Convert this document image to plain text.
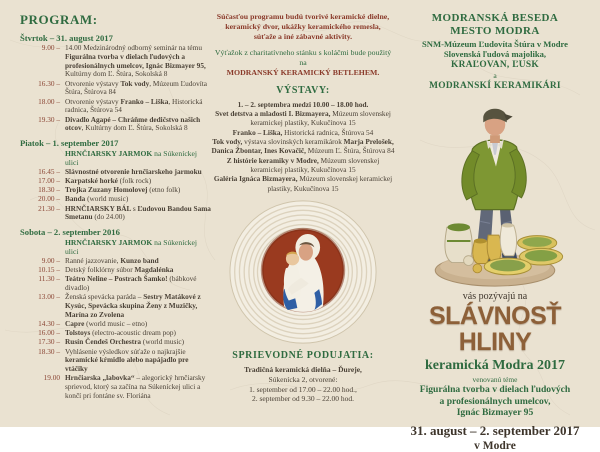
PROGRAM:
Štvrtok – 31. august 2017
9.00 – 14.00 Medzinárodný odborný seminár na tému Figurálna tvorba v dielach ľudových a profesionálnych umelcov, Ignác Bizmayer 95, Kultúrny dom Ľ. Štúra, Sokolská 8
16.30 – Otvorenie výstavy Tok vody, Múzeum Ľudovíta Štúra, Štúrova 84
18.00 – Otvorenie výstavy Franko – Liška, Historická radnica, Štúrova 54
19.30 – Divadlo Agapé – Chráňme dedičstvo našich otcov, Kultúrny dom Ľ. Štúra, Sokolská 8
Piatok – 1. september 2017
HRNČIARSKY JARMOK na Súkeníckej ulici
16.45 – Slávnostné otvorenie hrnčiarskeho jarmoku
17.00 – Karpatské horké (folk rock)
18.30 – Trojka Zuzany Homolovej (etno folk)
20.00 – Banda (world music)
21.30 – HRNČIARSKY BÁL s Ľudovou Bandou Sama Smetanu (do 24.00)
Sobota – 2. september 2016
HRNČIARSKY JARMOK na Súkeníckej ulici
9.00 – Ranné jazzovanie, Kunzo band
10.15 – Detský folklórny súbor Magdalénka
11.30 – Teátro Neline – Postrach Šamko! (bábkové divadlo)
13.00 – Ženská spevácka paráda – Sestry Matákové z Kysúc, Spevácka skupina Ženy z Muzičky, Marína zo Zvolena
14.30 – Capre (world music – etno)
16.00 – Tolstoys (electro-acoustic dream pop)
17.30 – Rusín Čendeš Orchestra (world music)
18.30 – Vyhlásenie výsledkov súťaže o najkrajšie keramické kŕmidlo alebo napájadlo pre vtáčiky
19.00 Hrnčiarska „labovka“ – alegorický hrnčiarsky sprievod, ktorý sa začína na Súkeníckej ulici a končí pri fontáne sv. Floriána

Súčasťou programu budú tvorivé keramické dielne, keramický dvor, ukážky keramického remesla, súťaže a iné zábavné aktivity.

Výťažok z charitatívneho stánku s koláčmi bude použitý na

MODRANSKÝ KERAMICKÝ BETLEHEM.

VÝSTAVY:

1. – 2. septembra medzi 10.00 – 18.00 hod.

Svet detstva a mladosti I. Bizmayera, Múzeum slovenskej keramickej plastiky, Kukučínova 15

Franko – Liška, Historická radnica, Štúrova 54

Tok vody, výstava slovinských keramikárok Marja Prelošek, Danica Žbontar, Ines Kovačič, Múzeum Ľ. Štúra, Štúrova 84

Z histórie keramiky v Modre, Múzeum slovenskej keramickej plastiky, Kukučínova 15

Galéria Ignáca Bizmayera, Múzeum slovenskej keramickej plastiky, Kukučínova 15

SPRIEVODNÉ PODUJATIA:

Tradičná keramická dielňa – Ďureje,

Súkenícka 2, otvorené:

1. september od 17.00 – 22.00 hod.,

2. september od 9.30 – 22.00 hod.

MODRANSKÁ BESEDA
MESTO MODRA
SNM-Múzeum Ľudovíta Štúra v Modre
Slovenská ľudová majolika,
KRAĽOVAN, ĽUSK
a
MODRANSKÍ KERAMIKÁRI
vás pozývajú na
SLÁVNOSŤ HLINY
keramická Modra 2017
venovanú téme
Figurálna tvorba v dielach ľudových
a profesionálnych umelcov,
Ignác Bizmayer 95
31. august – 2. september 2017
v Modre
